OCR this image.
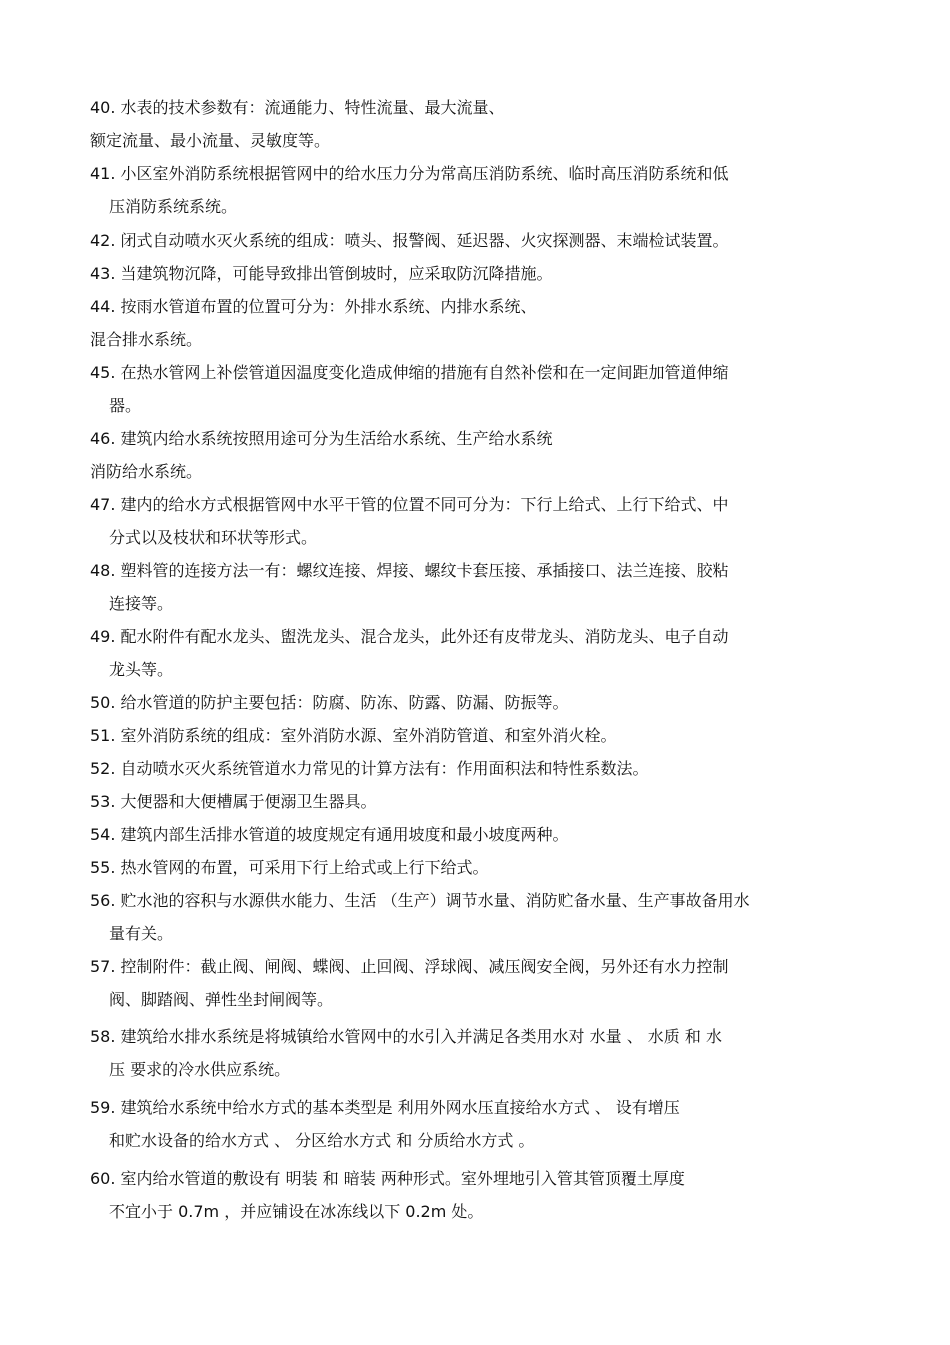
40. 水表的技术参数有：流通能力、特性流量、最大流量、
额定流量、最小流量、灵敏度等。
41. 小区室外消防系统根据管网中的给水压力分为常高压消防系统、临时高压消防系统和低
压消防系统系统。
42. 闭式自动喷水灭火系统的组成：喷头、报警阀、延迟器、火灾探测器、末端检试装置。
43. 当建筑物沉降，可能导致排出管倒坡时，应采取防沉降措施。
44. 按雨水管道布置的位置可分为：外排水系统、内排水系统、
混合排水系统。
45. 在热水管网上补偿管道因温度变化造成伸缩的措施有自然补偿和在一定间距加管道伸缩
器。
46. 建筑内给水系统按照用途可分为生活给水系统、生产给水系统
消防给水系统。
47. 建内的给水方式根据管网中水平干管的位置不同可分为：下行上给式、上行下给式、中
分式以及枝状和环状等形式。
48. 塑料管的连接方法一有：螺纹连接、焊接、螺纹卡套压接、承插接口、法兰连接、胶粘
连接等。
49. 配水附件有配水龙头、盥洗龙头、混合龙头，此外还有皮带龙头、消防龙头、电子自动
龙头等。
50. 给水管道的防护主要包括：防腐、防冻、防露、防漏、防振等。
51. 室外消防系统的组成：室外消防水源、室外消防管道、和室外消火栓。
52. 自动喷水灭火系统管道水力常见的计算方法有：作用面积法和特性系数法。
53. 大便器和大便槽属于便溺卫生器具。
54. 建筑内部生活排水管道的坡度规定有通用坡度和最小坡度两种。
55. 热水管网的布置，可采用下行上给式或上行下给式。
56. 贮水池的容积与水源供水能力、生活 （生产）调节水量、消防贮备水量、生产事故备用水
量有关。
57. 控制附件：截止阀、闸阀、蝶阀、止回阀、浮球阀、减压阀安全阀，另外还有水力控制
阀、脚踏阀、弹性坐封闸阀等。
58. 建筑给水排水系统是将城镇给水管网中的水引入并满足各类用水对 水量 、 水质 和 水
压 要求的冷水供应系统。
59. 建筑给水系统中给水方式的基本类型是 利用外网水压直接给水方式 、 设有增压
和贮水设备的给水方式 、 分区给水方式 和 分质给水方式 。
60. 室内给水管道的敷设有 明装 和 暗装 两种形式。室外埋地引入管其管顶覆土厚度
不宜小于 0.7m ，并应铺设在冰冻线以下 0.2m 处。
